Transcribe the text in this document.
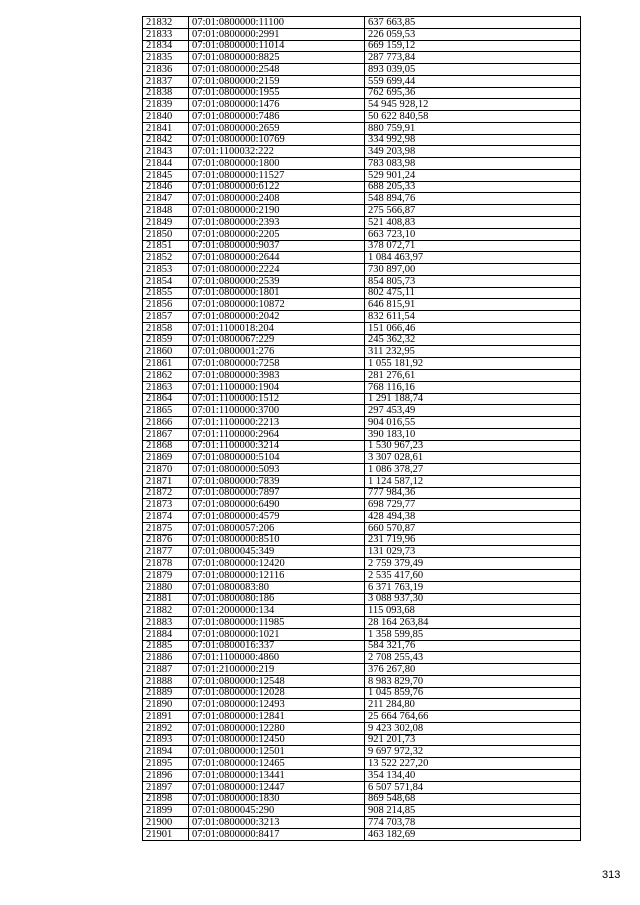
21832	07:01:0800000:11100	637 663,85
21833	07:01:0800000:2991	226 059,53
21834	07:01:0800000:11014	669 159,12
21835	07:01:0800000:8825	287 773,84
21836	07:01:0800000:2548	893 039,05
21837	07:01:0800000:2159	559 699,44
21838	07:01:0800000:1955	762 695,36
21839	07:01:0800000:1476	54 945 928,12
21840	07:01:0800000:7486	50 622 840,58
21841	07:01:0800000:2659	880 759,91
21842	07:01:0800000:10769	334 992,98
21843	07:01:1100032:222	349 203,98
21844	07:01:0800000:1800	783 083,98
21845	07:01:0800000:11527	529 901,24
21846	07:01:0800000:6122	688 205,33
21847	07:01:0800000:2408	548 894,76
21848	07:01:0800000:2190	275 566,87
21849	07:01:0800000:2393	521 408,83
21850	07:01:0800000:2205	663 723,10
21851	07:01:0800000:9037	378 072,71
21852	07:01:0800000:2644	1 084 463,97
21853	07:01:0800000:2224	730 897,00
21854	07:01:0800000:2539	854 805,73
21855	07:01:0800000:1801	802 475,11
21856	07:01:0800000:10872	646 815,91
21857	07:01:0800000:2042	832 611,54
21858	07:01:1100018:204	151 066,46
21859	07:01:0800067:229	245 362,32
21860	07:01:0800001:276	311 232,95
21861	07:01:0800000:7258	1 055 181,92
21862	07:01:0800000:3983	281 276,61
21863	07:01:1100000:1904	768 116,16
21864	07:01:1100000:1512	1 291 188,74
21865	07:01:1100000:3700	297 453,49
21866	07:01:1100000:2213	904 016,55
21867	07:01:1100000:2964	390 183,10
21868	07:01:1100000:3214	1 530 967,23
21869	07:01:0800000:5104	3 307 028,61
21870	07:01:0800000:5093	1 086 378,27
21871	07:01:0800000:7839	1 124 587,12
21872	07:01:0800000:7897	777 984,36
21873	07:01:0800000:6490	698 729,77
21874	07:01:0800000:4579	428 494,38
21875	07:01:0800057:206	660 570,87
21876	07:01:0800000:8510	231 719,96
21877	07:01:0800045:349	131 029,73
21878	07:01:0800000:12420	2 759 379,49
21879	07:01:0800000:12116	2 535 417,60
21880	07:01:0800083:80	6 371 763,19
21881	07:01:0800080:186	3 088 937,30
21882	07:01:2000000:134	115 093,68
21883	07:01:0800000:11985	28 164 263,84
21884	07:01:0800000:1021	1 358 599,85
21885	07:01:0800016:337	584 321,76
21886	07:01:1100000:4860	2 708 255,43
21887	07:01:2100000:219	376 267,80
21888	07:01:0800000:12548	8 983 829,70
21889	07:01:0800000:12028	1 045 859,76
21890	07:01:0800000:12493	211 284,80
21891	07:01:0800000:12841	25 664 764,66
21892	07:01:0800000:12280	9 423 302,08
21893	07:01:0800000:12450	921 201,73
21894	07:01:0800000:12501	9 697 972,32
21895	07:01:0800000:12465	13 522 227,20
21896	07:01:0800000:13441	354 134,40
21897	07:01:0800000:12447	6 507 571,84
21898	07:01:0800000:1830	869 548,68
21899	07:01:0800045:290	908 214,85
21900	07:01:0800000:3213	774 703,78
21901	07:01:0800000:8417	463 182,69
313
